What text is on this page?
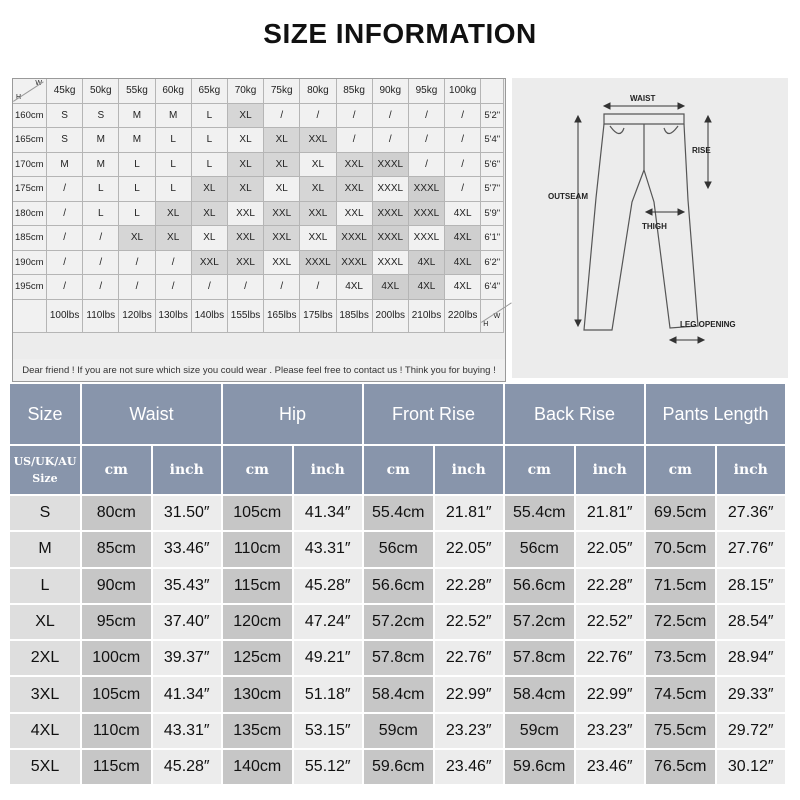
SIZE INFORMATION
H
W
45kg	50kg	55kg	60kg	65kg	70kg	75kg	80kg	85kg	90kg	95kg	100kg
160cm	S	S	M	M	L	XL	/	/	/	/	/	/	5'2"
165cm	S	M	M	L	L	XL	XL	XXL	/	/	/	/	5'4"
170cm	M	M	L	L	L	XL	XL	XL	XXL	XXXL	/	/	5'6"
175cm	/	L	L	L	XL	XL	XL	XL	XXL	XXXL	XXXL	/	5'7"
180cm	/	L	L	XL	XL	XXL	XXL	XXL	XXL	XXXL	XXXL	4XL	5'9"
185cm	/	/	XL	XL	XL	XXL	XXL	XXL	XXXL	XXXL	XXXL	4XL	6'1"
190cm	/	/	/	/	XXL	XXL	XXL	XXXL	XXXL	XXXL	4XL	4XL	6'2"
195cm	/	/	/	/	/	/	/	/	4XL	4XL	4XL	4XL	6'4"
100lbs 110lbs 120lbs 130lbs 140lbs 155lbs 165lbs 175lbs 185lbs 200lbs 210lbs 220lbs
H
W
Dear friend ! If you are not sure which size you could wear . Please feel free to contact us ! Think you for buying !
WAIST
RISE
OUTSEAM
THIGH
LEG OPENING
Size	Waist	Hip	Front Rise	Back Rise	Pants Length
US/UK/AU
Size
cm	inch	cm	inch	cm	inch	cm	inch	cm	inch
S	80cm	31.50″	105cm	41.34″	55.4cm	21.81″	55.4cm	21.81″	69.5cm	27.36″
M	85cm	33.46″	110cm	43.31″	56cm	22.05″	56cm	22.05″	70.5cm	27.76″
L	90cm	35.43″	115cm	45.28″	56.6cm	22.28″	56.6cm	22.28″	71.5cm	28.15″
XL	95cm	37.40″	120cm	47.24″	57.2cm	22.52″	57.2cm	22.52″	72.5cm	28.54″
2XL	100cm	39.37″	125cm	49.21″	57.8cm	22.76″	57.8cm	22.76″	73.5cm	28.94″
3XL	105cm	41.34″	130cm	51.18″	58.4cm	22.99″	58.4cm	22.99″	74.5cm	29.33″
4XL	110cm	43.31″	135cm	53.15″	59cm	23.23″	59cm	23.23″	75.5cm	29.72″
5XL	115cm	45.28″	140cm	55.12″	59.6cm	23.46″	59.6cm	23.46″	76.5cm	30.12″
